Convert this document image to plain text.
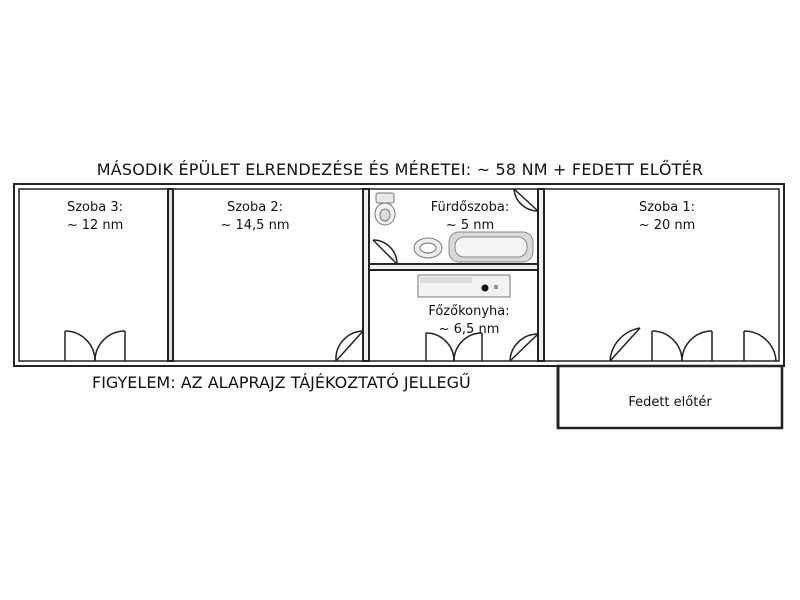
MÁSODIK ÉPÜLET ELRENDEZÉSE ÉS MÉRETEI: ~ 58 NM + FEDETT ELŐTÉR
Szoba 3:
~ 12 nm
Szoba 2:
~ 14,5 nm
Fürdőszoba:
~ 5 nm
Főzőkonyha:
~ 6,5 nm
Szoba 1:
~ 20 nm
Fedett előtér
FIGYELEM: AZ ALAPRAJZ TÁJÉKOZTATÓ JELLEGŰ
